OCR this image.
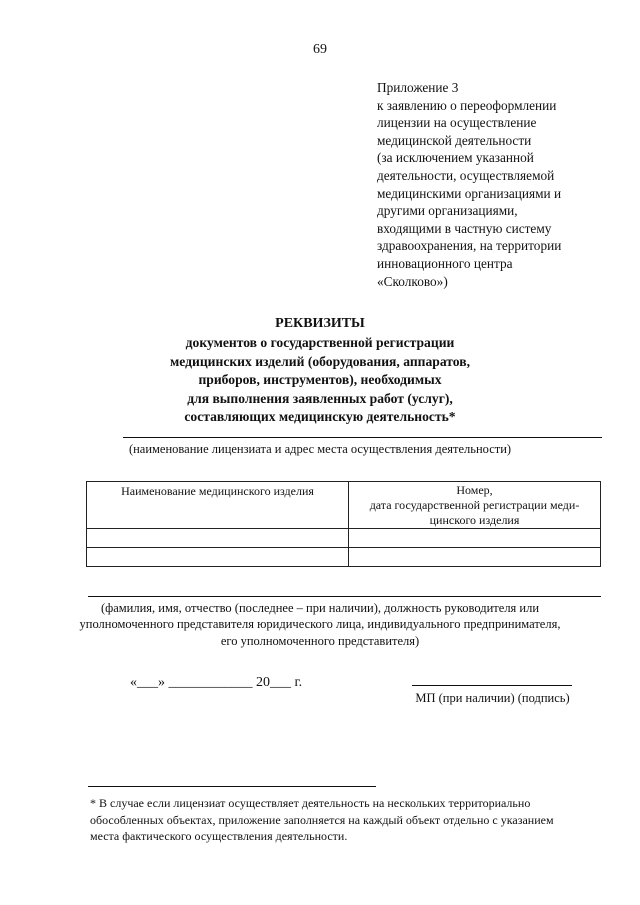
69
Приложение 3
к заявлению о переоформлении
лицензии на осуществление
медицинской деятельности
(за исключением указанной
деятельности, осуществляемой
медицинскими организациями и
другими организациями,
входящими в частную систему
здравоохранения, на территории
инновационного центра
«Сколково»)
РЕКВИЗИТЫ
документов о государственной регистрации
медицинских изделий (оборудования, аппаратов,
приборов, инструментов), необходимых
для выполнения заявленных работ (услуг),
составляющих медицинскую деятельность*
(наименование лицензиата и адрес места осуществления деятельности)
Наименование медицинского изделия	Номер,
дата государственной регистрации меди-
цинского изделия

(фамилия, имя, отчество (последнее – при наличии), должность руководителя или
уполномоченного представителя юридического лица, индивидуального предпринимателя,
его уполномоченного представителя)
«___» ____________ 20___ г.
МП (при наличии) (подпись)
* В случае если лицензиат осуществляет деятельность на нескольких территориально
обособленных объектах, приложение заполняется на каждый объект отдельно с указанием
места фактического осуществления деятельности.
